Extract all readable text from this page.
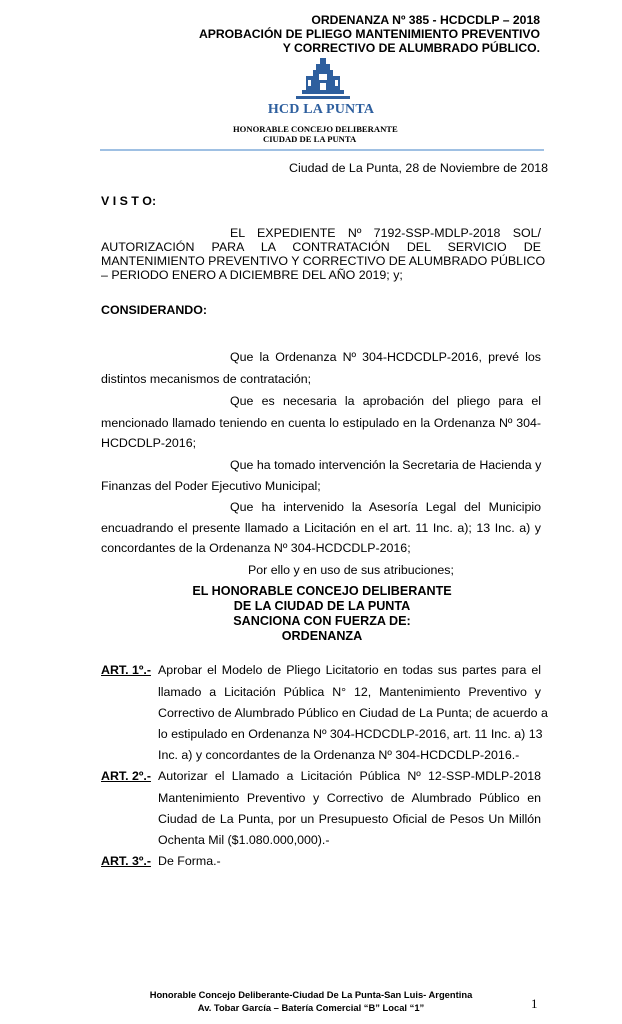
ORDENANZA Nº 385 - HCDCDLP – 2018
APROBACIÓN DE PLIEGO MANTENIMIENTO PREVENTIVO
Y CORRECTIVO DE ALUMBRADO PÚBLICO.
HCD LA PUNTA
HONORABLE CONCEJO DELIBERANTE
CIUDAD DE LA PUNTA
Ciudad de La Punta, 28 de Noviembre de 2018
V I S T O:
EL EXPEDIENTE Nº 7192-SSP-MDLP-2018 SOL/
AUTORIZACIÓN PARA LA CONTRATACIÓN DEL SERVICIO DE
MANTENIMIENTO PREVENTIVO Y CORRECTIVO DE ALUMBRADO PÚBLICO
– PERIODO ENERO A DICIEMBRE DEL AÑO 2019; y;
CONSIDERANDO:
Que la Ordenanza Nº 304-HCDCDLP-2016, prevé los
distintos mecanismos de contratación;
Que es necesaria la aprobación del pliego para el
mencionado llamado teniendo en cuenta lo estipulado en la Ordenanza Nº 304-
HCDCDLP-2016;
Que ha tomado intervención la Secretaria de Hacienda y
Finanzas del Poder Ejecutivo Municipal;
Que ha intervenido la Asesoría Legal del Municipio
encuadrando el presente llamado a Licitación en el art. 11 Inc. a); 13 Inc. a) y
concordantes de la Ordenanza Nº 304-HCDCDLP-2016;
Por ello y en uso de sus atribuciones;
EL HONORABLE CONCEJO DELIBERANTE
DE LA CIUDAD DE LA PUNTA
SANCIONA CON FUERZA DE:
ORDENANZA
ART. 1º.- Aprobar el Modelo de Pliego Licitatorio en todas sus partes para el
llamado a Licitación Pública N° 12, Mantenimiento Preventivo y
Correctivo de Alumbrado Público en Ciudad de La Punta; de acuerdo a
lo estipulado en Ordenanza Nº 304-HCDCDLP-2016, art. 11 Inc. a) 13
Inc. a) y concordantes de la Ordenanza Nº 304-HCDCDLP-2016.-
ART. 2º.- Autorizar el Llamado a Licitación Pública Nº 12-SSP-MDLP-2018
Mantenimiento Preventivo y Correctivo de Alumbrado Público en
Ciudad de La Punta, por un Presupuesto Oficial de Pesos Un Millón
Ochenta Mil ($1.080.000,000).-
ART. 3º.- De Forma.-
Honorable Concejo Deliberante-Ciudad De La Punta-San Luis- Argentina
Av. Tobar García – Batería Comercial “B” Local “1”	1
